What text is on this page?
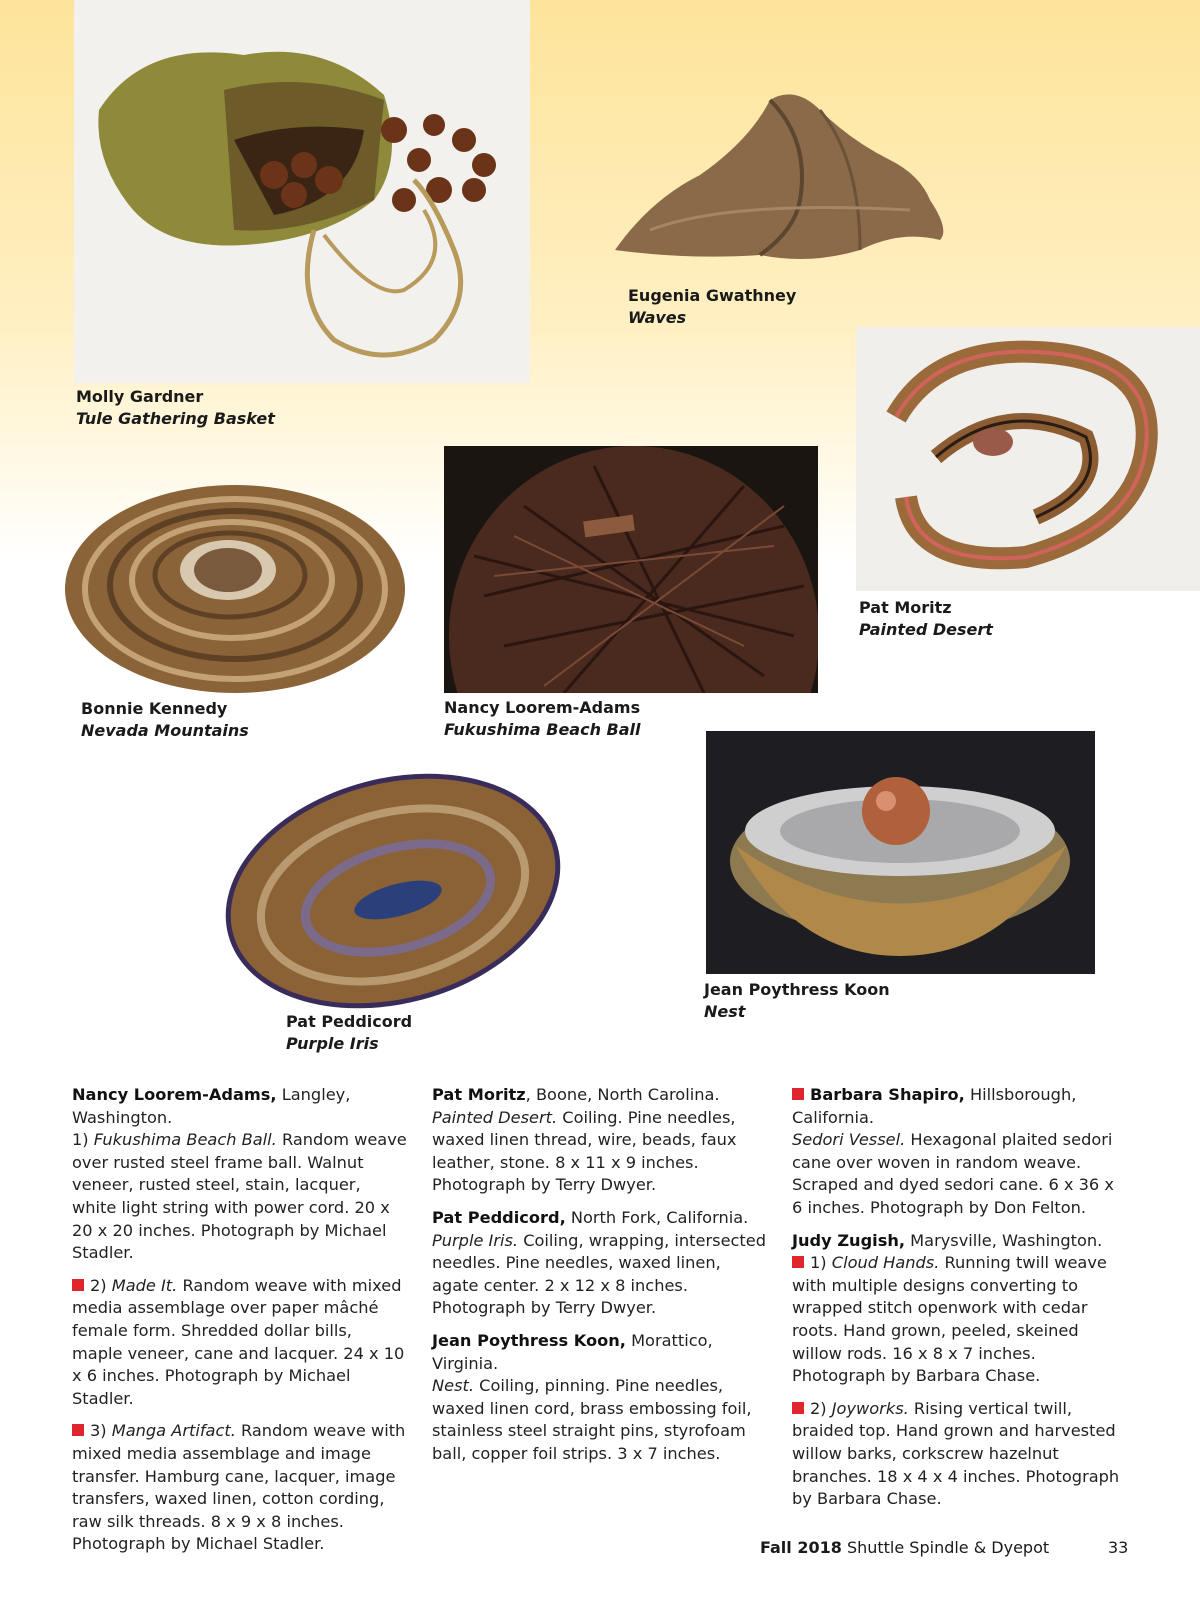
Molly Gardner
Tule Gathering Basket
Eugenia Gwathney
Waves
Pat Moritz
Painted Desert
Bonnie Kennedy
Nevada Mountains
Nancy Loorem-Adams
Fukushima Beach Ball
Pat Peddicord
Purple Iris
Jean Poythress Koon
Nest

Nancy Loorem-Adams, Langley, Washington.
1) Fukushima Beach Ball. Random weave over rusted steel frame ball. Walnut veneer, rusted steel, stain, lacquer, white light string with power cord. 20 x 20 x 20 inches. Photograph by Michael Stadler.

2) Made It. Random weave with mixed media assemblage over paper mâché female form. Shredded dollar bills, maple veneer, cane and lacquer. 24 x 10 x 6 inches. Photograph by Michael Stadler.

3) Manga Artifact. Random weave with mixed media assemblage and image transfer. Hamburg cane, lacquer, image transfers, waxed linen, cotton cording, raw silk threads. 8 x 9 x 8 inches. Photograph by Michael Stadler.

Pat Moritz, Boone, North Carolina.
Painted Desert. Coiling. Pine needles, waxed linen thread, wire, beads, faux leather, stone. 8 x 11 x 9 inches. Photograph by Terry Dwyer.

Pat Peddicord, North Fork, California.
Purple Iris. Coiling, wrapping, intersected needles. Pine needles, waxed linen, agate center. 2 x 12 x 8 inches. Photograph by Terry Dwyer.

Jean Poythress Koon, Morattico, Virginia.
Nest. Coiling, pinning. Pine needles, waxed linen cord, brass embossing foil, stainless steel straight pins, styrofoam ball, copper foil strips. 3 x 7 inches.

Barbara Shapiro, Hillsborough, California.
Sedori Vessel. Hexagonal plaited sedori cane over woven in random weave. Scraped and dyed sedori cane. 6 x 36 x 6 inches. Photograph by Don Felton.

Judy Zugish, Marysville, Washington.
1) Cloud Hands. Running twill weave with multiple designs converting to wrapped stitch openwork with cedar roots. Hand grown, peeled, skeined willow rods. 16 x 8 x 7 inches. Photograph by Barbara Chase.

2) Joyworks. Rising vertical twill, braided top. Hand grown and harvested willow barks, corkscrew hazelnut branches. 18 x 4 x 4 inches. Photograph by Barbara Chase.

Fall 2018 Shuttle Spindle & Dyepot	33
